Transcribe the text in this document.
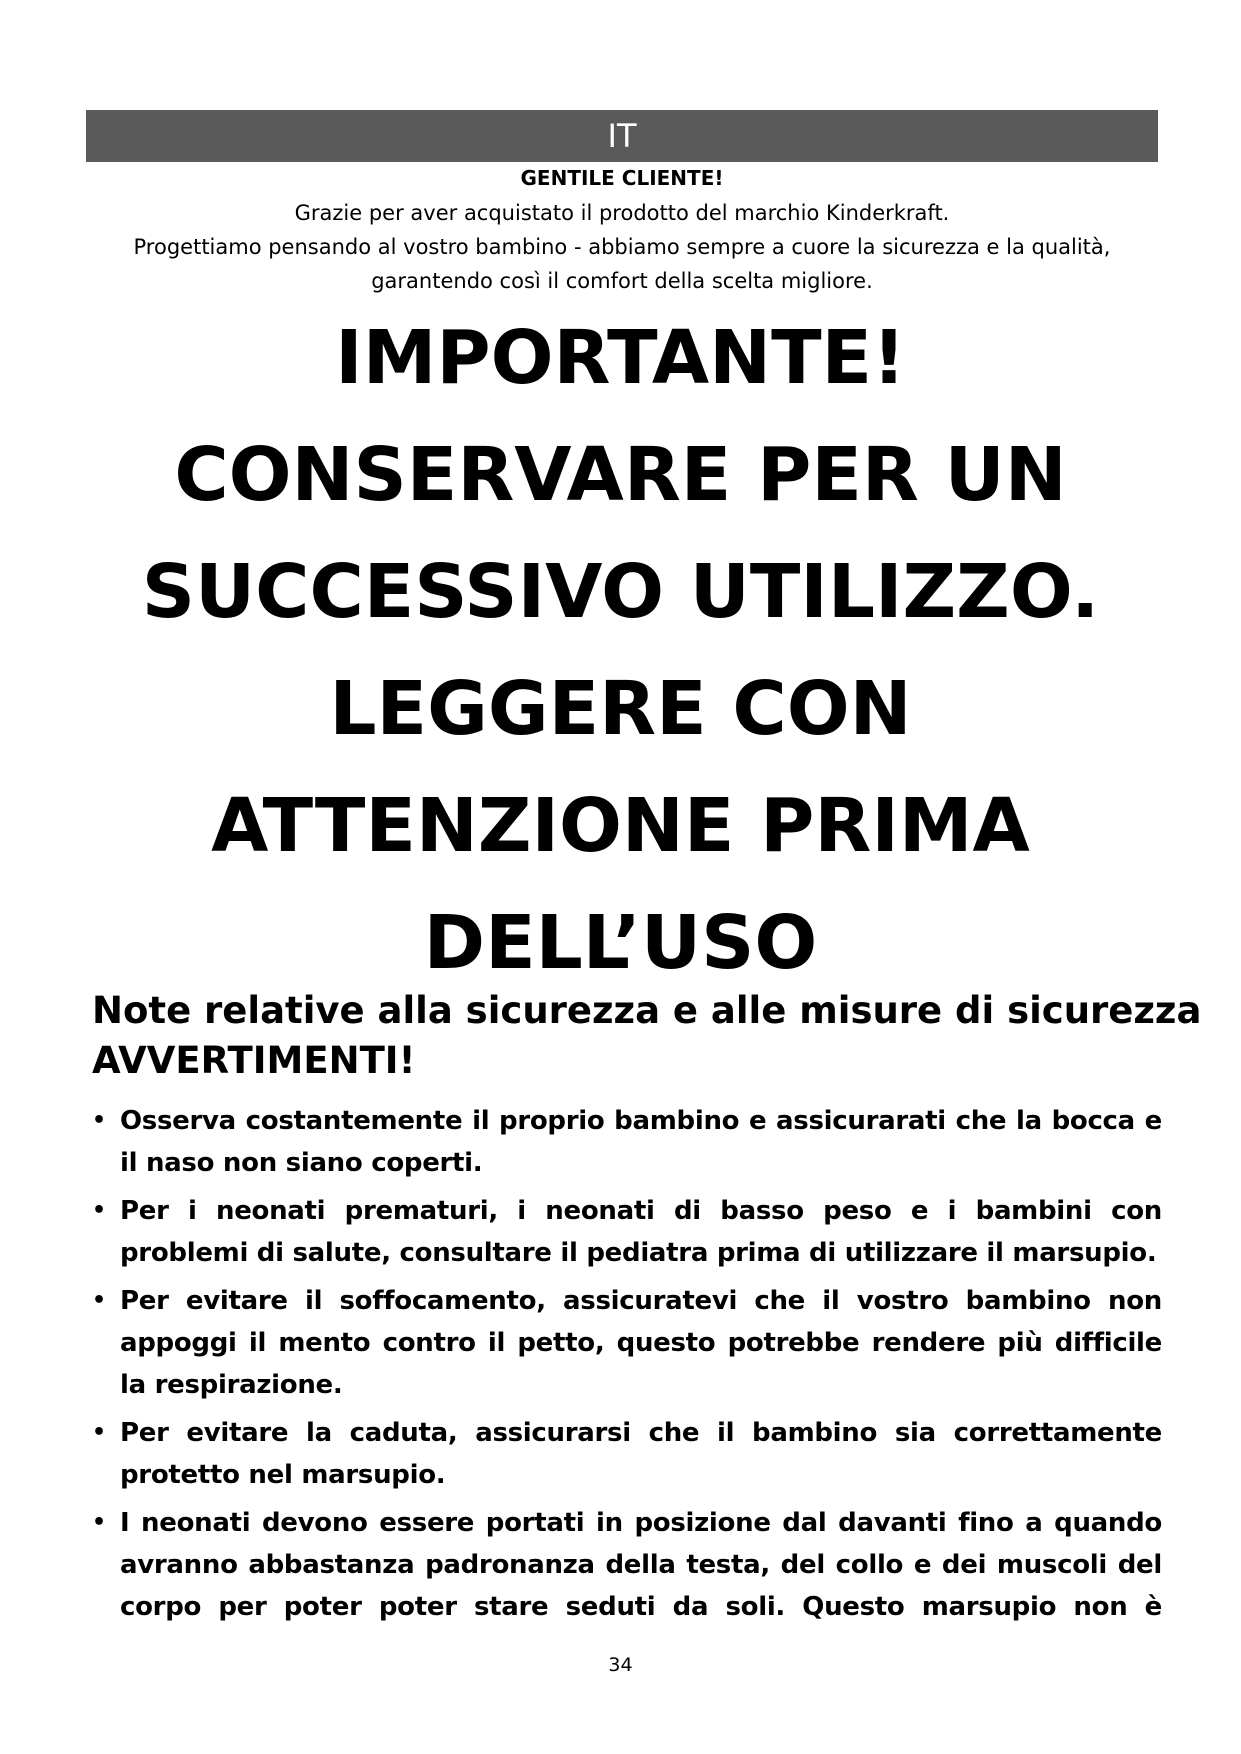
IT
GENTILE CLIENTE!
Grazie per aver acquistato il prodotto del marchio Kinderkraft.
Progettiamo pensando al vostro bambino - abbiamo sempre a cuore la sicurezza e la qualità,
garantendo così il comfort della scelta migliore.
IMPORTANTE!
CONSERVARE PER UN
SUCCESSIVO UTILIZZO.
LEGGERE CON
ATTENZIONE PRIMA
DELL’USO
Note relative alla sicurezza e alle misure di sicurezza
AVVERTIMENTI!
• Osserva costantemente il proprio bambino e assicurarati che la bocca e
il naso non siano coperti.
• Per i neonati prematuri, i neonati di basso peso e i bambini con
problemi di salute, consultare il pediatra prima di utilizzare il marsupio.
• Per evitare il soffocamento, assicuratevi che il vostro bambino non
appoggi il mento contro il petto, questo potrebbe rendere più difficile
la respirazione.
• Per evitare la caduta, assicurarsi che il bambino sia correttamente
protetto nel marsupio.
• I neonati devono essere portati in posizione dal davanti fino a quando
avranno abbastanza padronanza della testa, del collo e dei muscoli del
corpo per poter poter stare seduti da soli. Questo marsupio non è
34
